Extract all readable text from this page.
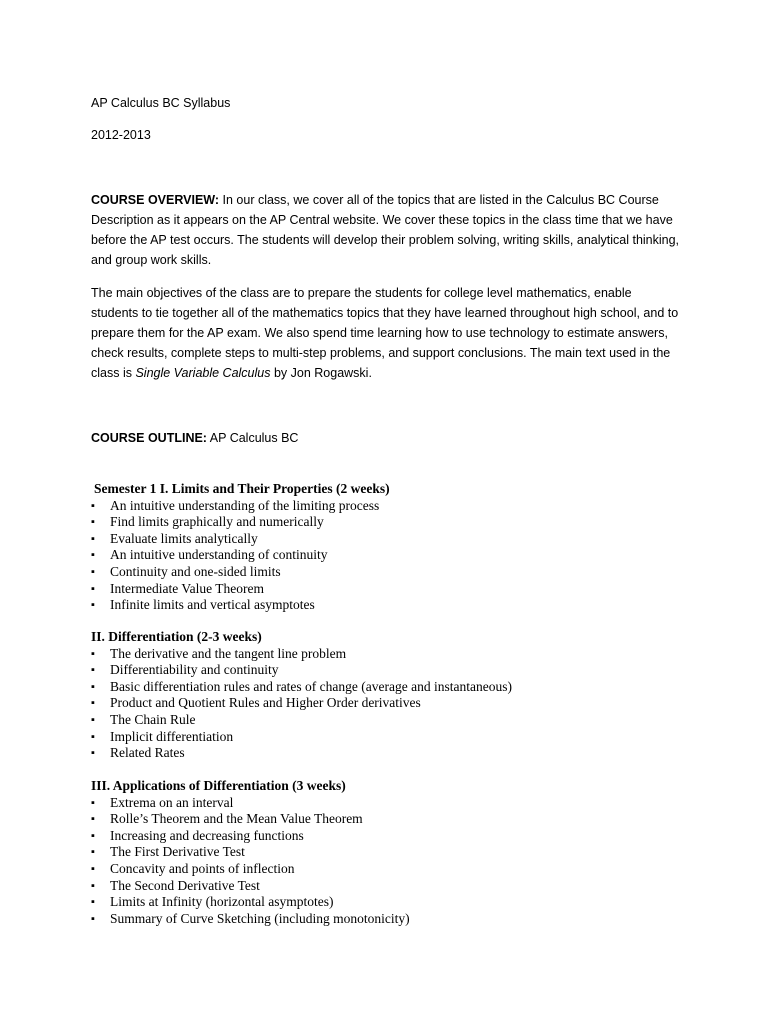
AP Calculus BC Syllabus
2012-2013

COURSE OVERVIEW: In our class, we cover all of the topics that are listed in the Calculus BC Course Description as it appears on the AP Central website. We cover these topics in the class time that we have before the AP test occurs. The students will develop their problem solving, writing skills, analytical thinking, and group work skills.

The main objectives of the class are to prepare the students for college level mathematics, enable students to tie together all of the mathematics topics that they have learned throughout high school, and to prepare them for the AP exam. We also spend time learning how to use technology to estimate answers, check results, complete steps to multi-step problems, and support conclusions. The main text used in the class is Single Variable Calculus by Jon Rogawski.

COURSE OUTLINE: AP Calculus BC

Semester 1 I. Limits and Their Properties (2 weeks)

▪ An intuitive understanding of the limiting process
▪ Find limits graphically and numerically
▪ Evaluate limits analytically
▪ An intuitive understanding of continuity
▪ Continuity and one-sided limits
▪ Intermediate Value Theorem
▪ Infinite limits and vertical asymptotes

II. Differentiation (2-3 weeks)

▪ The derivative and the tangent line problem
▪ Differentiability and continuity
▪ Basic differentiation rules and rates of change (average and instantaneous)
▪ Product and Quotient Rules and Higher Order derivatives
▪ The Chain Rule
▪ Implicit differentiation
▪ Related Rates

III. Applications of Differentiation (3 weeks)

▪ Extrema on an interval
▪ Rolle’s Theorem and the Mean Value Theorem
▪ Increasing and decreasing functions
▪ The First Derivative Test
▪ Concavity and points of inflection
▪ The Second Derivative Test
▪ Limits at Infinity (horizontal asymptotes)
▪ Summary of Curve Sketching (including monotonicity)
